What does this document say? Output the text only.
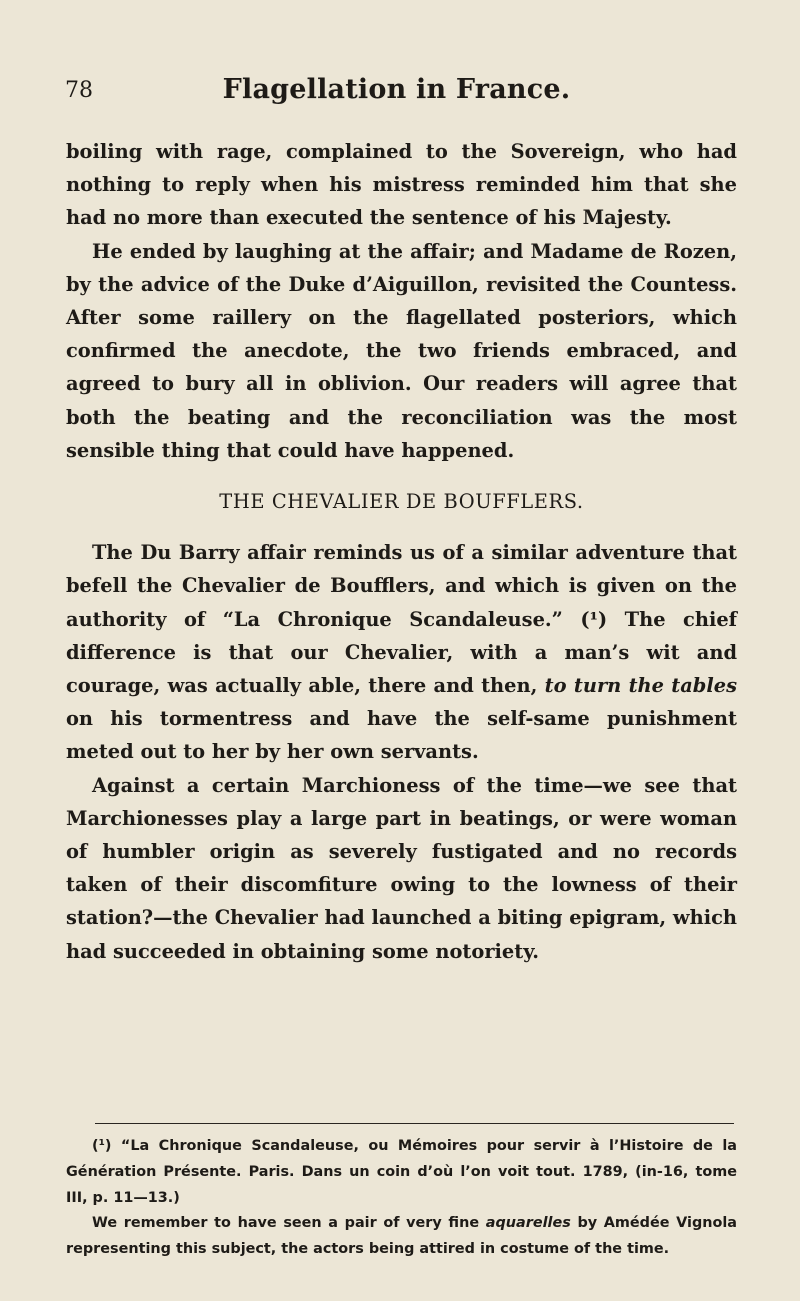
78	Flagellation in France.

boiling with rage, complained to the Sovereign, who had nothing to reply when his mistress reminded him that she had no more than executed the sentence of his Majesty.

He ended by laughing at the affair; and Madame de Rozen, by the advice of the Duke d’Aiguillon, revisited the Countess. After some raillery on the flagellated posteriors, which confirmed the anecdote, the two friends embraced, and agreed to bury all in oblivion. Our readers will agree that both the beating and the reconciliation was the most sensible thing that could have happened.

THE CHEVALIER DE BOUFFLERS.

The Du Barry affair reminds us of a similar adventure that befell the Chevalier de Boufflers, and which is given on the authority of “La Chronique Scandaleuse.” (¹) The chief difference is that our Chevalier, with a man’s wit and courage, was actually able, there and then, to turn the tables on his tormentress and have the self-same punishment meted out to her by her own servants.

Against a certain Marchioness of the time—we see that Marchionesses play a large part in beatings, or were woman of humbler origin as severely fustigated and no records taken of their discomfiture owing to the lowness of their station?—the Chevalier had launched a biting epigram, which had succeeded in obtaining some notoriety.

(¹) “La Chronique Scandaleuse, ou Mémoires pour servir à l’Histoire de la Génération Présente. Paris. Dans un coin d’où l’on voit tout. 1789, (in-16, tome III, p. 11—13.)

We remember to have seen a pair of very fine aquarelles by Amédée Vignola representing this subject, the actors being attired in costume of the time.
